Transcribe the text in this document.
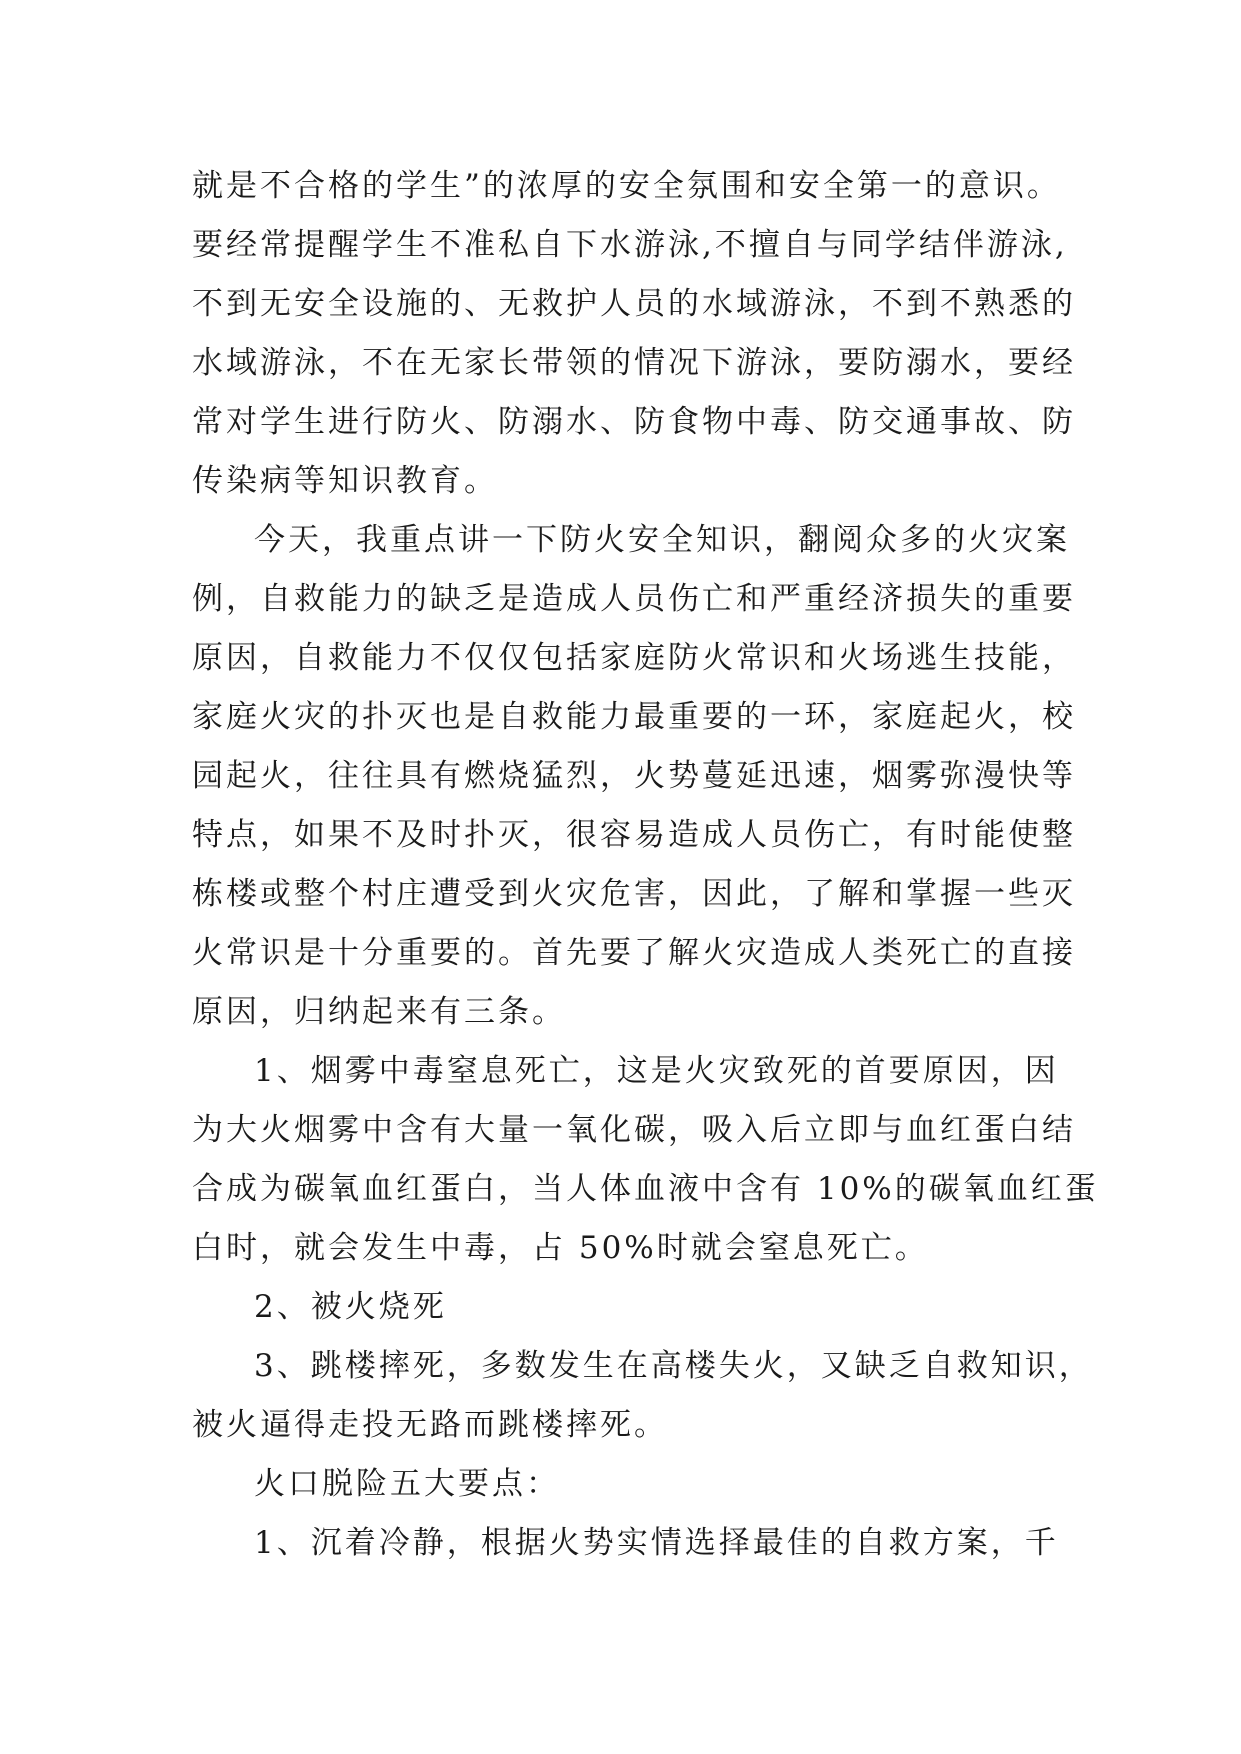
就是不合格的学生”的浓厚的安全氛围和安全第一的意识。
要经常提醒学生不准私自下水游泳,不擅自与同学结伴游泳,
不到无安全设施的、无救护人员的水域游泳，不到不熟悉的
水域游泳，不在无家长带领的情况下游泳，要防溺水，要经
常对学生进行防火、防溺水、防食物中毒、防交通事故、防
传染病等知识教育。
今天，我重点讲一下防火安全知识，翻阅众多的火灾案
例，自救能力的缺乏是造成人员伤亡和严重经济损失的重要
原因，自救能力不仅仅包括家庭防火常识和火场逃生技能，
家庭火灾的扑灭也是自救能力最重要的一环，家庭起火，校
园起火，往往具有燃烧猛烈，火势蔓延迅速，烟雾弥漫快等
特点，如果不及时扑灭，很容易造成人员伤亡，有时能使整
栋楼或整个村庄遭受到火灾危害，因此，了解和掌握一些灭
火常识是十分重要的。首先要了解火灾造成人类死亡的直接
原因，归纳起来有三条。
1、烟雾中毒窒息死亡，这是火灾致死的首要原因，因
为大火烟雾中含有大量一氧化碳，吸入后立即与血红蛋白结
合成为碳氧血红蛋白，当人体血液中含有 10%的碳氧血红蛋
白时，就会发生中毒，占 50%时就会窒息死亡。
2、被火烧死
3、跳楼摔死，多数发生在高楼失火，又缺乏自救知识，
被火逼得走投无路而跳楼摔死。
火口脱险五大要点：
1、沉着冷静，根据火势实情选择最佳的自救方案，千
